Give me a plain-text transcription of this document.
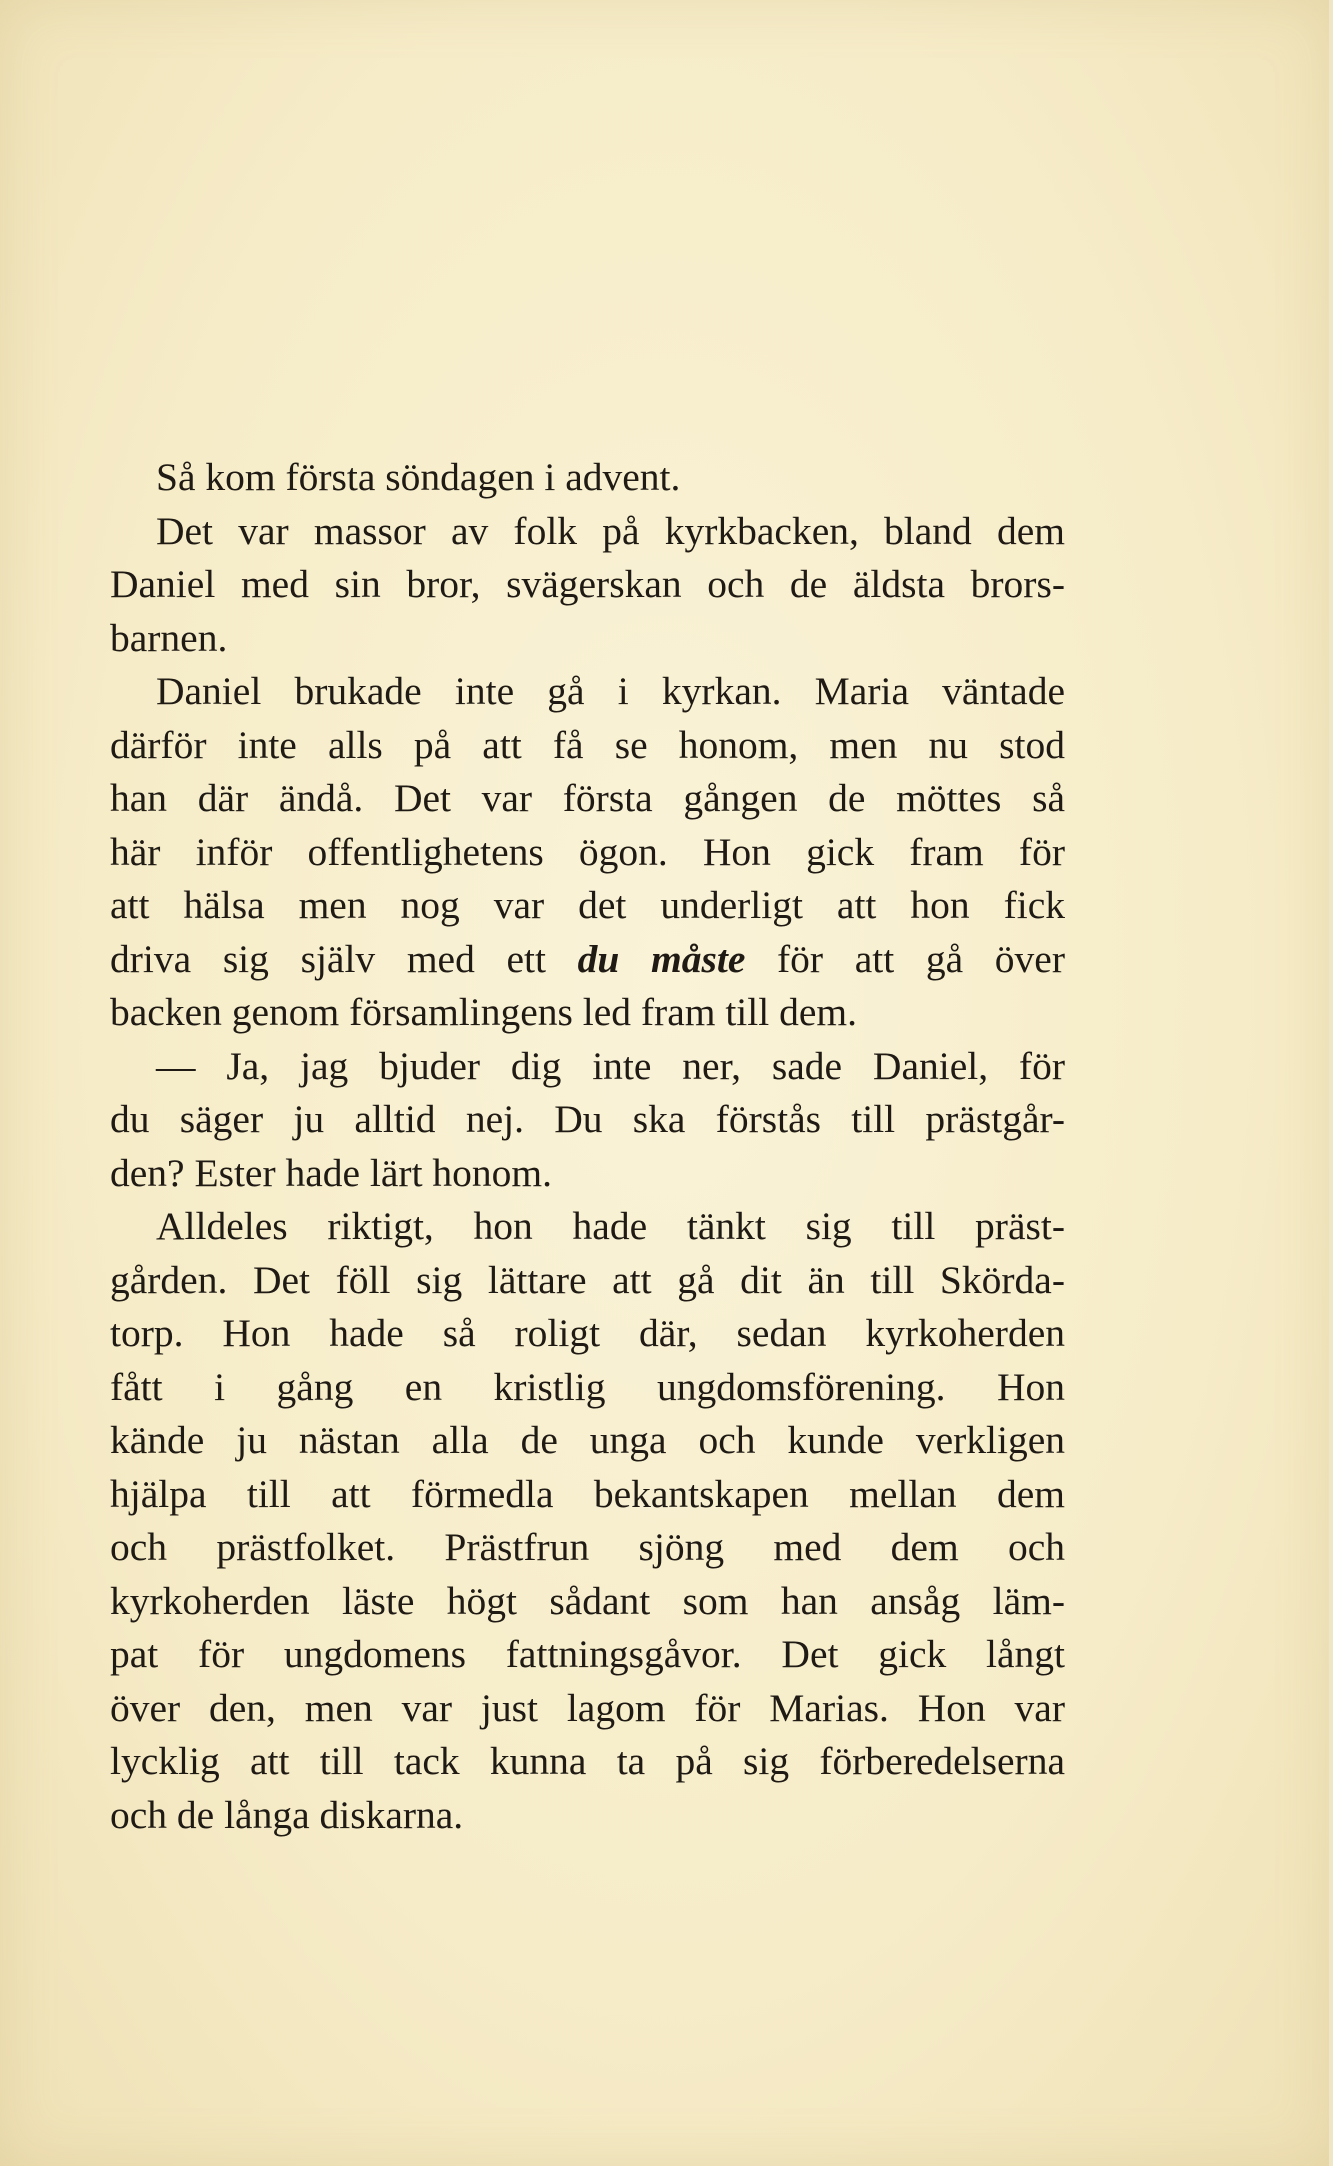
Så kom första söndagen i advent.
Det var massor av folk på kyrkbacken, bland dem
Daniel med sin bror, svägerskan och de äldsta brors-
barnen.
Daniel brukade inte gå i kyrkan. Maria väntade
därför inte alls på att få se honom, men nu stod
han där ändå. Det var första gången de möttes så
här inför offentlighetens ögon. Hon gick fram för
att hälsa men nog var det underligt att hon fick
driva sig själv med ett du måste för att gå över
backen genom församlingens led fram till dem.
— Ja, jag bjuder dig inte ner, sade Daniel, för
du säger ju alltid nej. Du ska förstås till prästgår-
den? Ester hade lärt honom.
Alldeles riktigt, hon hade tänkt sig till präst-
gården. Det föll sig lättare att gå dit än till Skörda-
torp. Hon hade så roligt där, sedan kyrkoherden
fått i gång en kristlig ungdomsförening. Hon
kände ju nästan alla de unga och kunde verkligen
hjälpa till att förmedla bekantskapen mellan dem
och prästfolket. Prästfrun sjöng med dem och
kyrkoherden läste högt sådant som han ansåg läm-
pat för ungdomens fattningsgåvor. Det gick långt
över den, men var just lagom för Marias. Hon var
lycklig att till tack kunna ta på sig förberedelserna
och de långa diskarna.
